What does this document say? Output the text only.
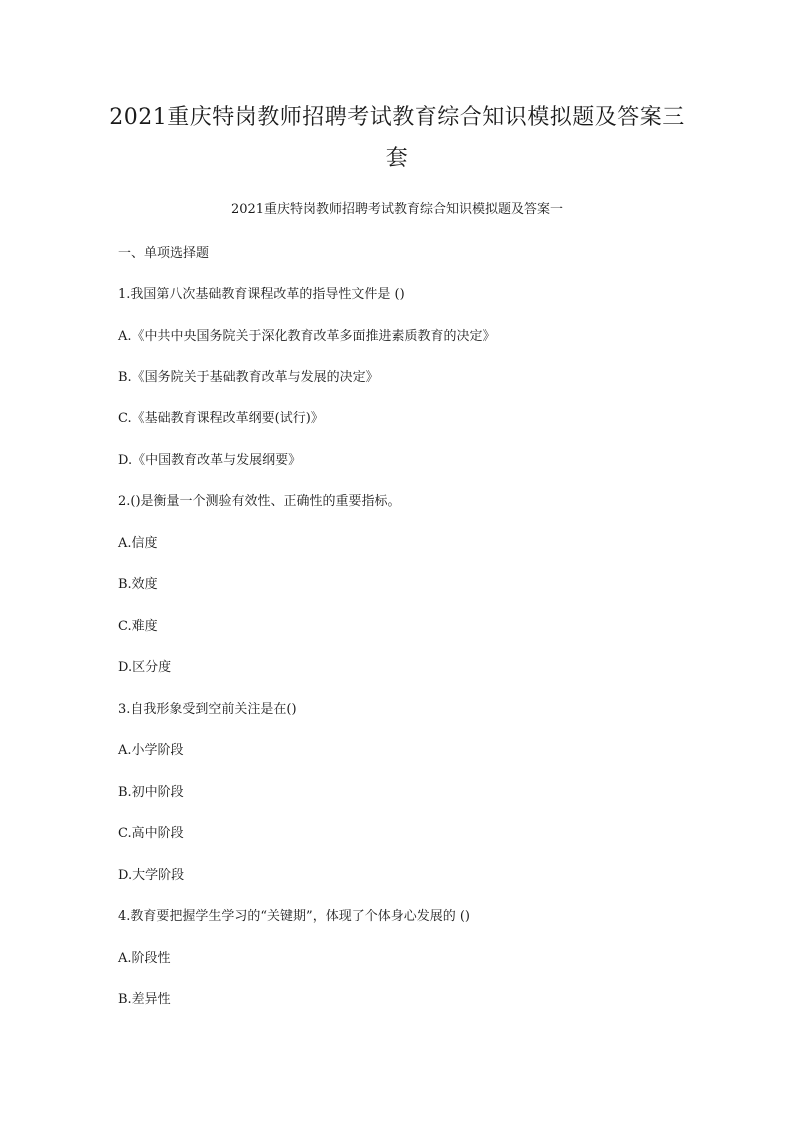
2021重庆特岗教师招聘考试教育综合知识模拟题及答案三
套
2021重庆特岗教师招聘考试教育综合知识模拟题及答案一

一、单项选择题

1.我国第八次基础教育课程改革的指导性文件是 ()

A.《中共中央国务院关于深化教育改革多面推进素质教育的决定》

B.《国务院关于基础教育改革与发展的决定》

C.《基础教育课程改革纲要(试行)》

D.《中国教育改革与发展纲要》

2.()是衡量一个测验有效性、正确性的重要指标。

A.信度

B.效度

C.难度

D.区分度

3.自我形象受到空前关注是在()

A.小学阶段

B.初中阶段

C.高中阶段

D.大学阶段

4.教育要把握学生学习的“关键期”，体现了个体身心发展的 ()

A.阶段性

B.差异性
